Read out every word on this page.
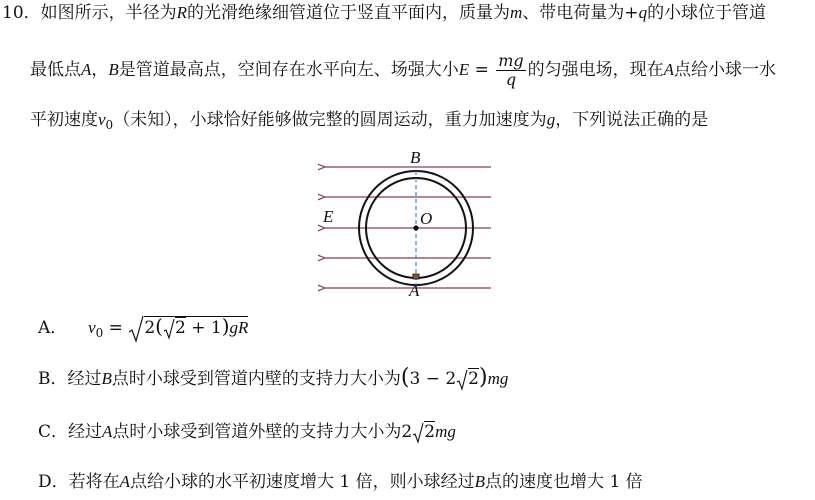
10．如图所示，半径为R的光滑绝缘细管道位于竖直平面内，质量为m、带电荷量为+q的小球位于管道
最低点A，B是管道最高点，空间存在水平向左、场强大小$E = \frac{mg}{q}$ 的匀强电场，现在A点给小球一水
平初速度$v_0$（未知），小球恰好能够做完整的圆周运动，重力加速度为g，下列说法正确的是
B
E	O
A
A． $v_0 = 2$( 2 + 1)gR
B．经过B点时小球受到管道内壁的支持力大小为(3 − 2 2)mg
C．经过A点时小球受到管道外壁的支持力大小为2 2mg
D．若将在A点给小球的水平初速度增大 1 倍，则小球经过B点的速度也增大 1 倍
